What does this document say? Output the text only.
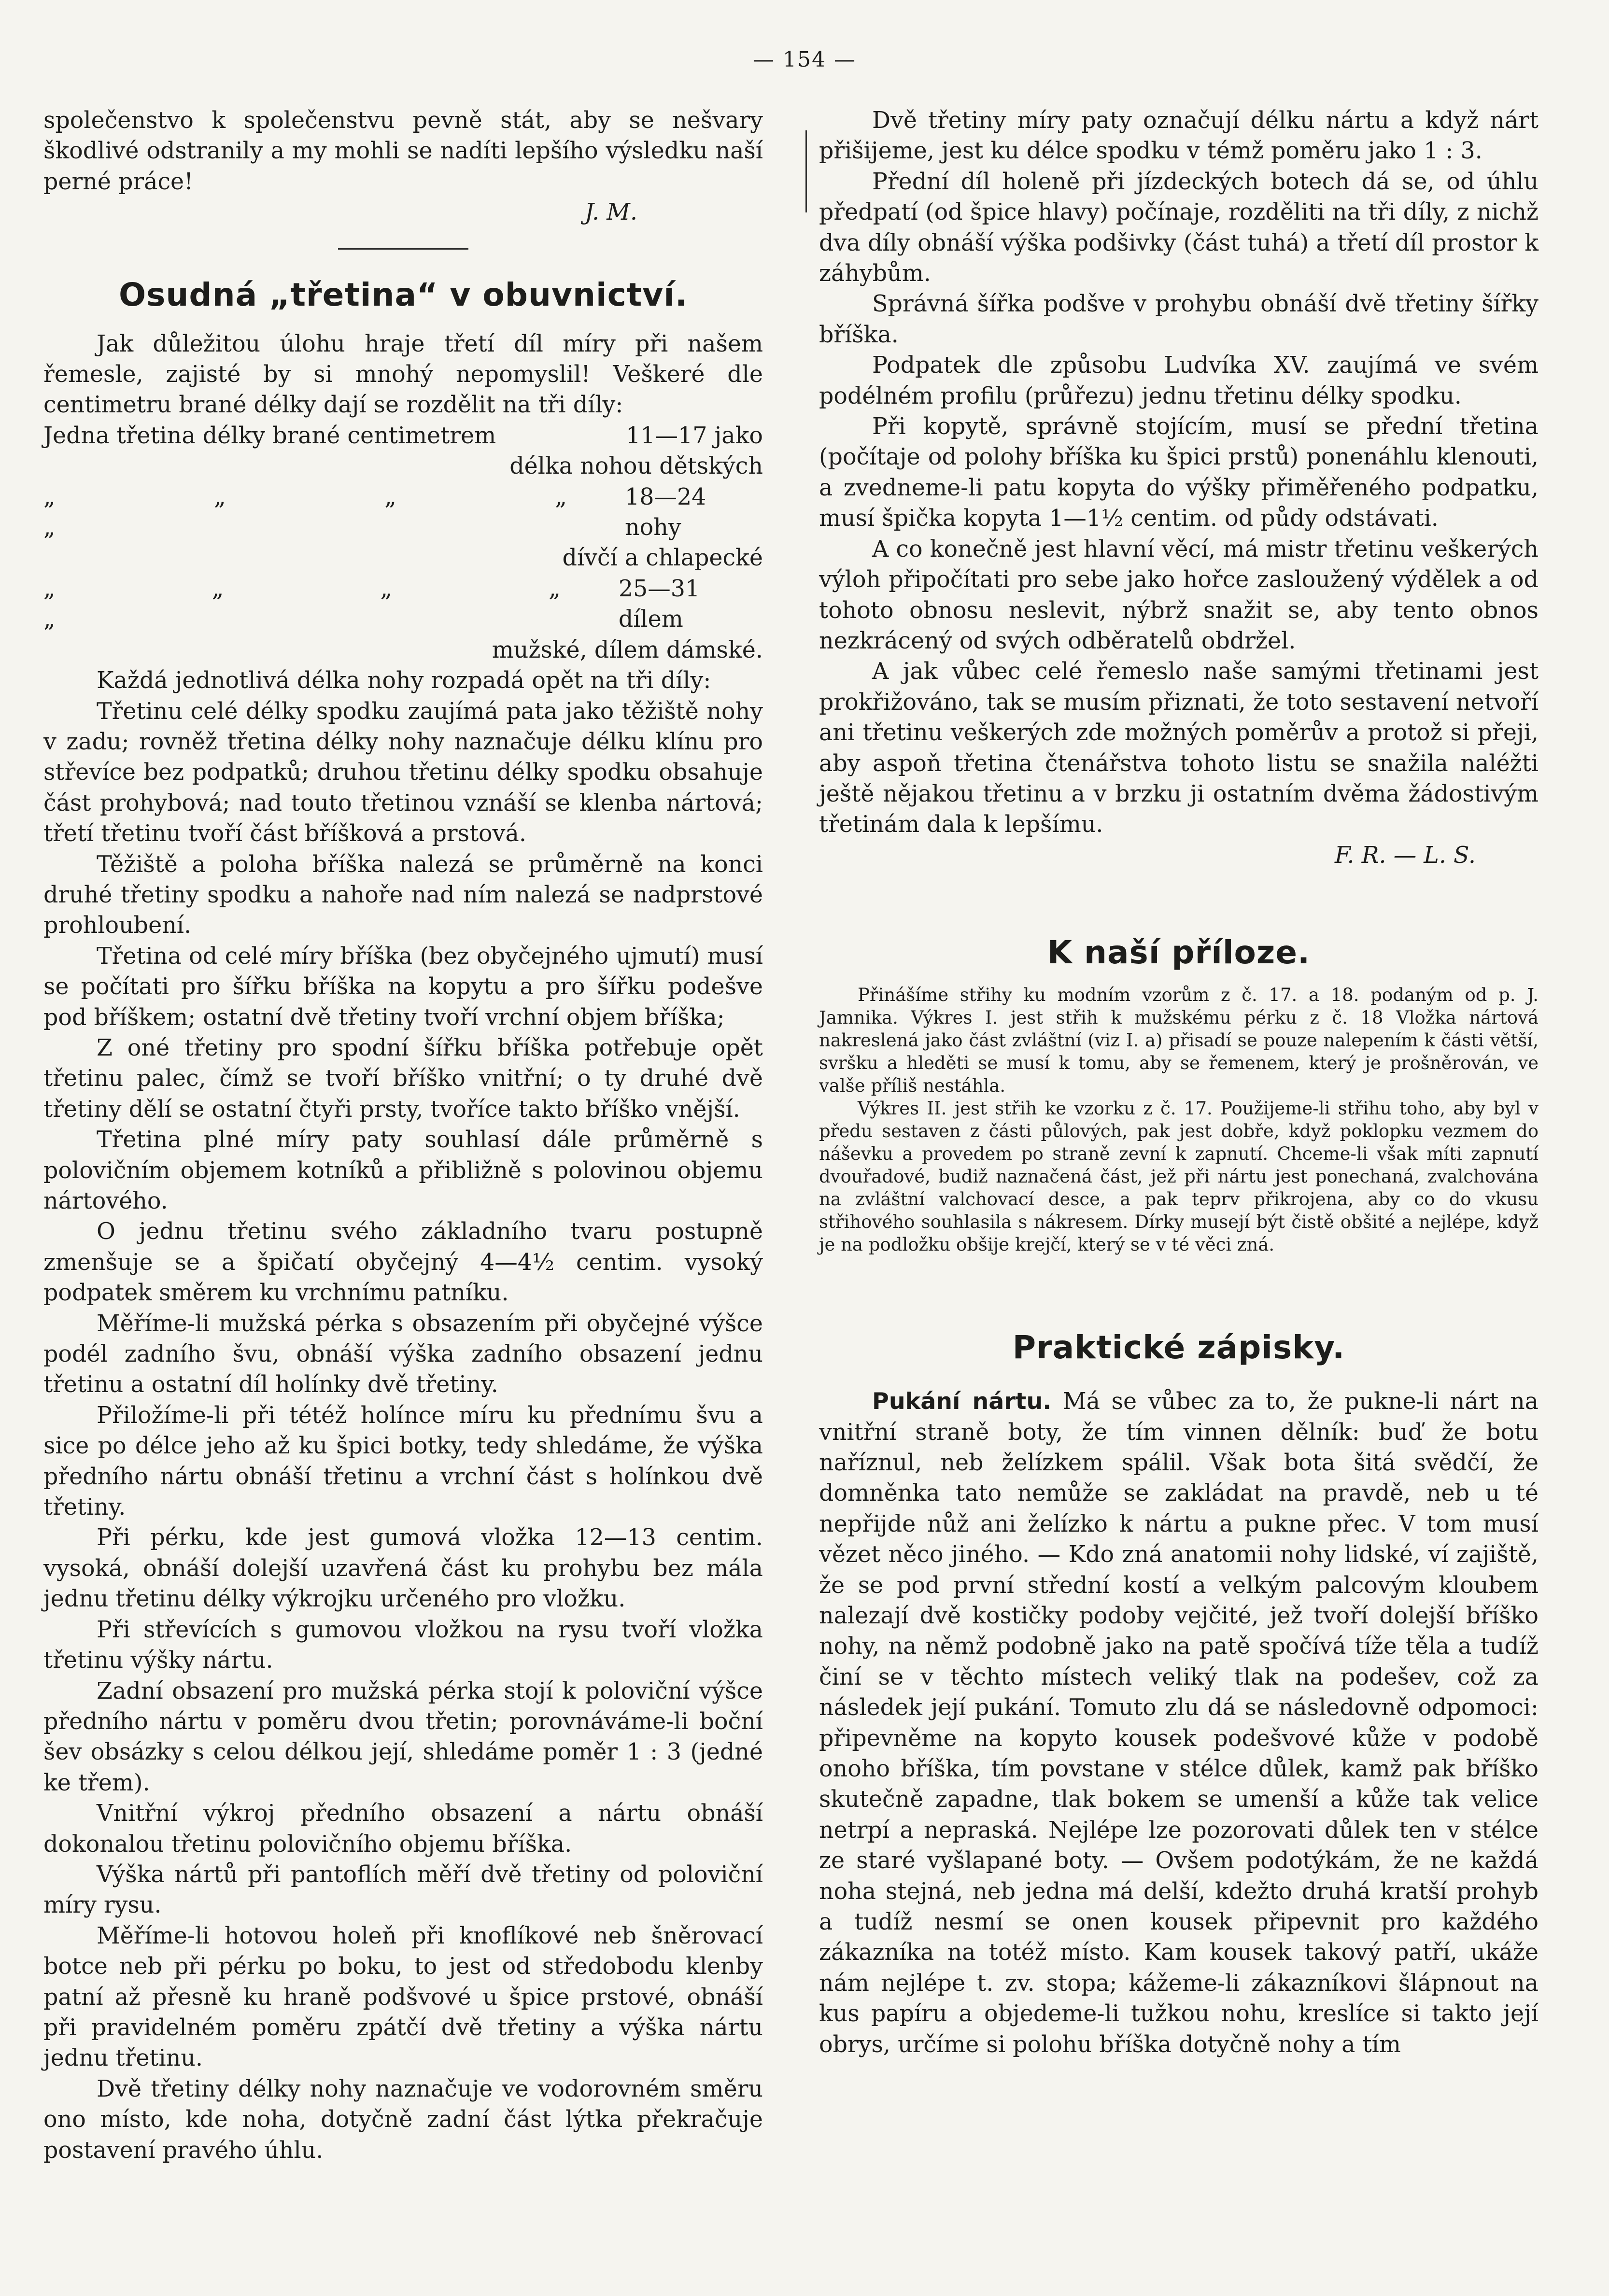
— 154 —

společenstvo k společenstvu pevně stát, aby se nešvary škodlivé odstranily a my mohli se nadíti lepšího výsledku naší perné práce!

J. M.

Osudná „třetina“ v obuvnictví.

Jak důležitou úlohu hraje třetí díl míry při našem řemesle, zajisté by si mnohý nepomyslil! Veškeré dle centimetru brané délky dají se rozdělit na tři díly:

Jedna třetina délky brané centimetrem	11—17 jako
délka nohou dětských
„ „ „ „ „
18—24 nohy
dívčí a chlapecké
„ „ „ „ „
25—31 dílem
mužské, dílem dámské.

Každá jednotlivá délka nohy rozpadá opět na tři díly:

Třetinu celé délky spodku zaujímá pata jako těžiště nohy v zadu; rovněž třetina délky nohy naznačuje délku klínu pro střevíce bez podpatků; druhou třetinu délky spodku obsahuje část prohybová; nad touto třetinou vznáší se klenba nártová; třetí třetinu tvoří část bříšková a prstová.

Těžiště a poloha bříška nalezá se průměrně na konci druhé třetiny spodku a nahoře nad ním nalezá se nadprstové prohloubení.

Třetina od celé míry bříška (bez obyčejného ujmutí) musí se počítati pro šířku bříška na kopytu a pro šířku podešve pod bříškem; ostatní dvě třetiny tvoří vrchní objem bříška;

Z oné třetiny pro spodní šířku bříška potřebuje opět třetinu palec, čímž se tvoří bříško vnitřní; o ty druhé dvě třetiny dělí se ostatní čtyři prsty, tvoříce takto bříško vnější.

Třetina plné míry paty souhlasí dále průměrně s polovičním objemem kotníků a přibližně s polovinou objemu nártového.

O jednu třetinu svého základního tvaru postupně zmenšuje se a špičatí obyčejný 4—4½ centim. vysoký podpatek směrem ku vrchnímu patníku.

Měříme-li mužská pérka s obsazením při obyčejné výšce podél zadního švu, obnáší výška zadního obsazení jednu třetinu a ostatní díl holínky dvě třetiny.

Přiložíme-li při tétéž holínce míru ku přednímu švu a sice po délce jeho až ku špici botky, tedy shledáme, že výška předního nártu obnáší třetinu a vrchní část s holínkou dvě třetiny.

Při pérku, kde jest gumová vložka 12—13 centim. vysoká, obnáší dolejší uzavřená část ku prohybu bez mála jednu třetinu délky výkrojku určeného pro vložku.

Při střevících s gumovou vložkou na rysu tvoří vložka třetinu výšky nártu.

Zadní obsazení pro mužská pérka stojí k poloviční výšce předního nártu v poměru dvou třetin; porovnáváme-li boční šev obsázky s celou délkou její, shledáme poměr 1 : 3 (jedné ke třem).

Vnitřní výkroj předního obsazení a nártu obnáší dokonalou třetinu polovičního objemu bříška.

Výška nártů při pantoflích měří dvě třetiny od poloviční míry rysu.

Měříme-li hotovou holeň při knoflíkové neb šněrovací botce neb při pérku po boku, to jest od středobodu klenby patní až přesně ku hraně podšvové u špice prstové, obnáší při pravidelném poměru zpátčí dvě třetiny a výška nártu jednu třetinu.

Dvě třetiny délky nohy naznačuje ve vodorovném směru ono místo, kde noha, dotyčně zadní část lýtka překračuje postavení pravého úhlu.

Dvě třetiny míry paty označují délku nártu a když nárt přišijeme, jest ku délce spodku v témž poměru jako 1 : 3.

Přední díl holeně při jízdeckých botech dá se, od úhlu předpatí (od špice hlavy) počínaje, rozděliti na tři díly, z nichž dva díly obnáší výška podšivky (část tuhá) a třetí díl prostor k záhybům.

Správná šířka podšve v prohybu obnáší dvě třetiny šířky bříška.

Podpatek dle způsobu Ludvíka XV. zaujímá ve svém podélném profilu (průřezu) jednu třetinu délky spodku.

Při kopytě, správně stojícím, musí se přední třetina (počítaje od polohy bříška ku špici prstů) ponenáhlu klenouti, a zvedneme-li patu kopyta do výšky přiměřeného podpatku, musí špička kopyta 1—1½ centim. od půdy odstávati.

A co konečně jest hlavní věcí, má mistr třetinu veškerých výloh připočítati pro sebe jako hořce zasloužený výdělek a od tohoto obnosu neslevit, nýbrž snažit se, aby tento obnos nezkrácený od svých odběratelů obdržel.

A jak vůbec celé řemeslo naše samými třetinami jest prokřižováno, tak se musím přiznati, že toto sestavení netvoří ani třetinu veškerých zde možných poměrův a protož si přeji, aby aspoň třetina čtenářstva tohoto listu se snažila naléžti ještě nějakou třetinu a v brzku ji ostatním dvěma žádostivým třetinám dala k lepšímu.

F. R. — L. S.

K naší příloze.

Přinášíme střihy ku modním vzorům z č. 17. a 18. podaným od p. J. Jamnika. Výkres I. jest střih k mužskému pérku z č. 18 Vložka nártová nakreslená jako část zvláštní (viz I. a) přisadí se pouze nalepením k části větší, svršku a hleděti se musí k tomu, aby se řemenem, který je prošněrován, ve valše příliš nestáhla.

Výkres II. jest střih ke vzorku z č. 17. Použijeme-li střihu toho, aby byl v předu sestaven z části půlových, pak jest dobře, když poklopku vezmem do náševku a provedem po straně zevní k zapnutí. Chceme-li však míti zapnutí dvouřadové, budiž naznačená část, jež při nártu jest ponechaná, zvalchována na zvláštní valchovací desce, a pak teprv přikrojena, aby co do vkusu střihového souhlasila s nákresem. Dírky musejí být čistě obšité a nejlépe, když je na podložku obšije krejčí, který se v té věci zná.

Praktické zápisky.

Pukání nártu. Má se vůbec za to, že pukne-li nárt na vnitřní straně boty, že tím vinnen dělník: buď že botu naříznul, neb želízkem spálil. Však bota šitá svědčí, že domněnka tato nemůže se zakládat na pravdě, neb u té nepřijde nůž ani želízko k nártu a pukne přec. V tom musí vězet něco jiného. — Kdo zná anatomii nohy lidské, ví zajiště, že se pod první střední kostí a velkým palcovým kloubem nalezají dvě kostičky podoby vejčité, jež tvoří dolejší bříško nohy, na němž podobně jako na patě spočívá tíže těla a tudíž činí se v těchto místech veliký tlak na podešev, což za následek její pukání. Tomuto zlu dá se následovně odpomoci: připevněme na kopyto kousek podešvové kůže v podobě onoho bříška, tím povstane v stélce důlek, kamž pak bříško skutečně zapadne, tlak bokem se umenší a kůže tak velice netrpí a nepraská. Nejlépe lze pozorovati důlek ten v stélce ze staré vyšlapané boty. — Ovšem podotýkám, že ne každá noha stejná, neb jedna má delší, kdežto druhá kratší prohyb a tudíž nesmí se onen kousek připevnit pro každého zákazníka na totéž místo. Kam kousek takový patří, ukáže nám nejlépe t. zv. stopa; kážeme-li zákazníkovi šlápnout na kus papíru a objedeme-li tužkou nohu, kreslíce si takto její obrys, určíme si polohu bříška dotyčně nohy a tím
